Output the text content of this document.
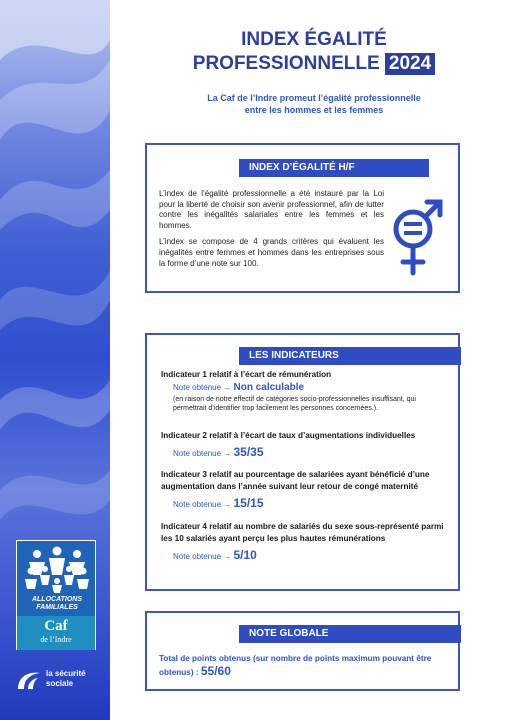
ALLOCATIONS
FAMILIALES
Caf
de l’Indre
la sécurité
sociale
INDEX ÉGALITÉ
PROFESSIONNELLE 2024
La Caf de l’Indre promeut l’égalité professionnelle
entre les hommes et les femmes
INDEX D’ÉGALITÉ H/F

L’index de l’égalité professionnelle a été instauré par la Loi pour la liberté de choisir son avenir professionnel, afin de lutter contre les inégalités salariales entre les femmes et les hommes.

L’index se compose de 4 grands critères qui évaluent les inégalités entre femmes et hommes dans les entreprises sous la forme d’une note sur 100.

LES INDICATEURS
Indicateur 1 relatif à l’écart de rémunération
Note obtenue → Non calculable
(en raison de notre effectif de catégories socio-professionnelles insuffisant, qui permettrait d’identifier trop facilement les personnes concernées.).
Indicateur 2 relatif à l’écart de taux d’augmentations individuelles
Note obtenue → 35/35
Indicateur 3 relatif au pourcentage de salariées ayant bénéficié d’une augmentation dans l’année suivant leur retour de congé maternité
Note obtenue → 15/15
Indicateur 4 relatif au nombre de salariés du sexe sous-représenté parmi les 10 salariés ayant perçu les plus hautes rémunérations
Note obtenue → 5/10
NOTE GLOBALE
Total de points obtenus (sur nombre de points maximum pouvant être obtenus) : 55/60
